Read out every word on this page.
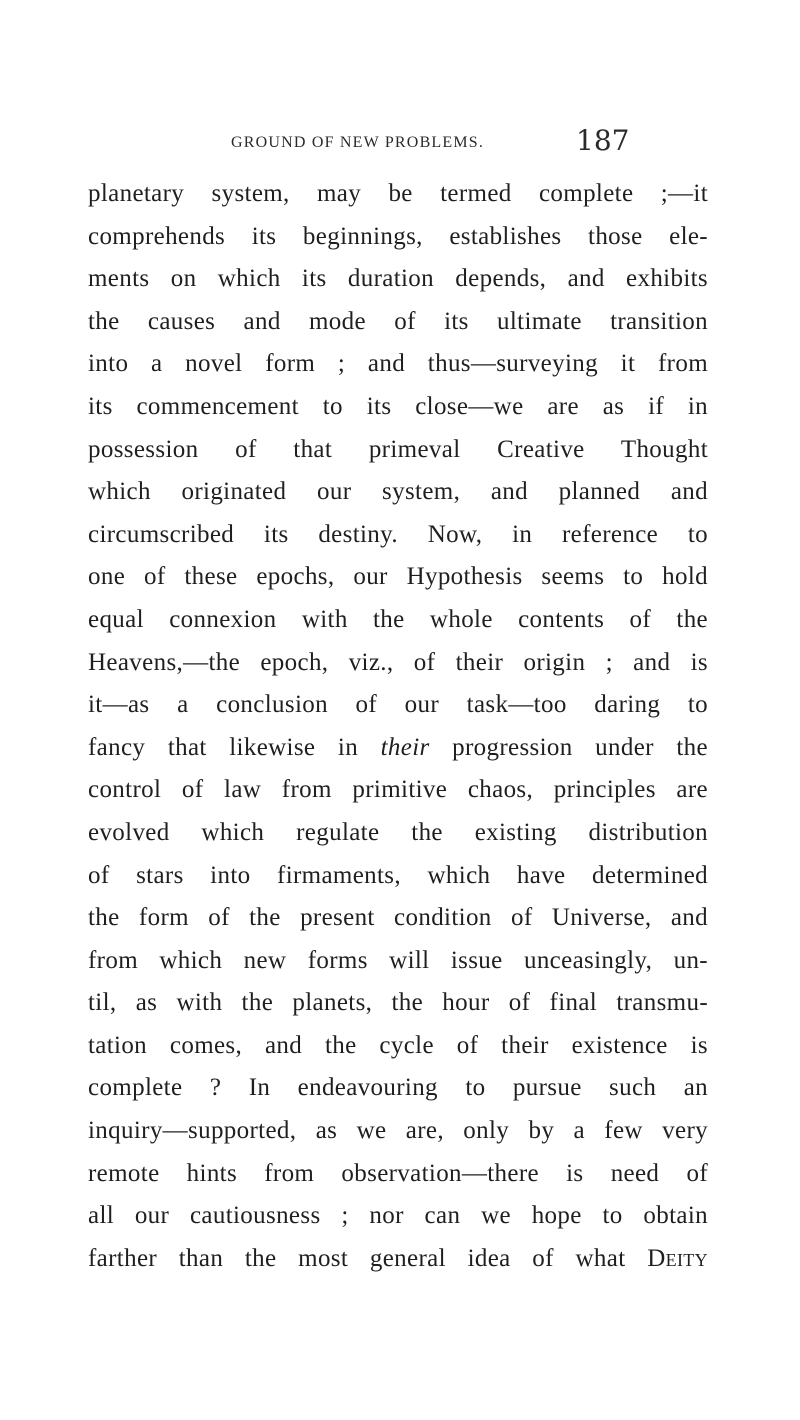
GROUND OF NEW PROBLEMS.	187
planetary system, may be termed complete ;—it
comprehends its beginnings, establishes those ele-
ments on which its duration depends, and exhibits
the causes and mode of its ultimate transition
into a novel form ; and thus—surveying it from
its commencement to its close—we are as if in
possession of that primeval Creative Thought
which originated our system, and planned and
circumscribed its destiny. Now, in reference to
one of these epochs, our Hypothesis seems to hold
equal connexion with the whole contents of the
Heavens,—the epoch, viz., of their origin ; and is
it—as a conclusion of our task—too daring to
fancy that likewise in their progression under the
control of law from primitive chaos, principles are
evolved which regulate the existing distribution
of stars into firmaments, which have determined
the form of the present condition of Universe, and
from which new forms will issue unceasingly, un-
til, as with the planets, the hour of final transmu-
tation comes, and the cycle of their existence is
complete ? In endeavouring to pursue such an
inquiry—supported, as we are, only by a few very
remote hints from observation—there is need of
all our cautiousness ; nor can we hope to obtain
farther than the most general idea of what Deity
